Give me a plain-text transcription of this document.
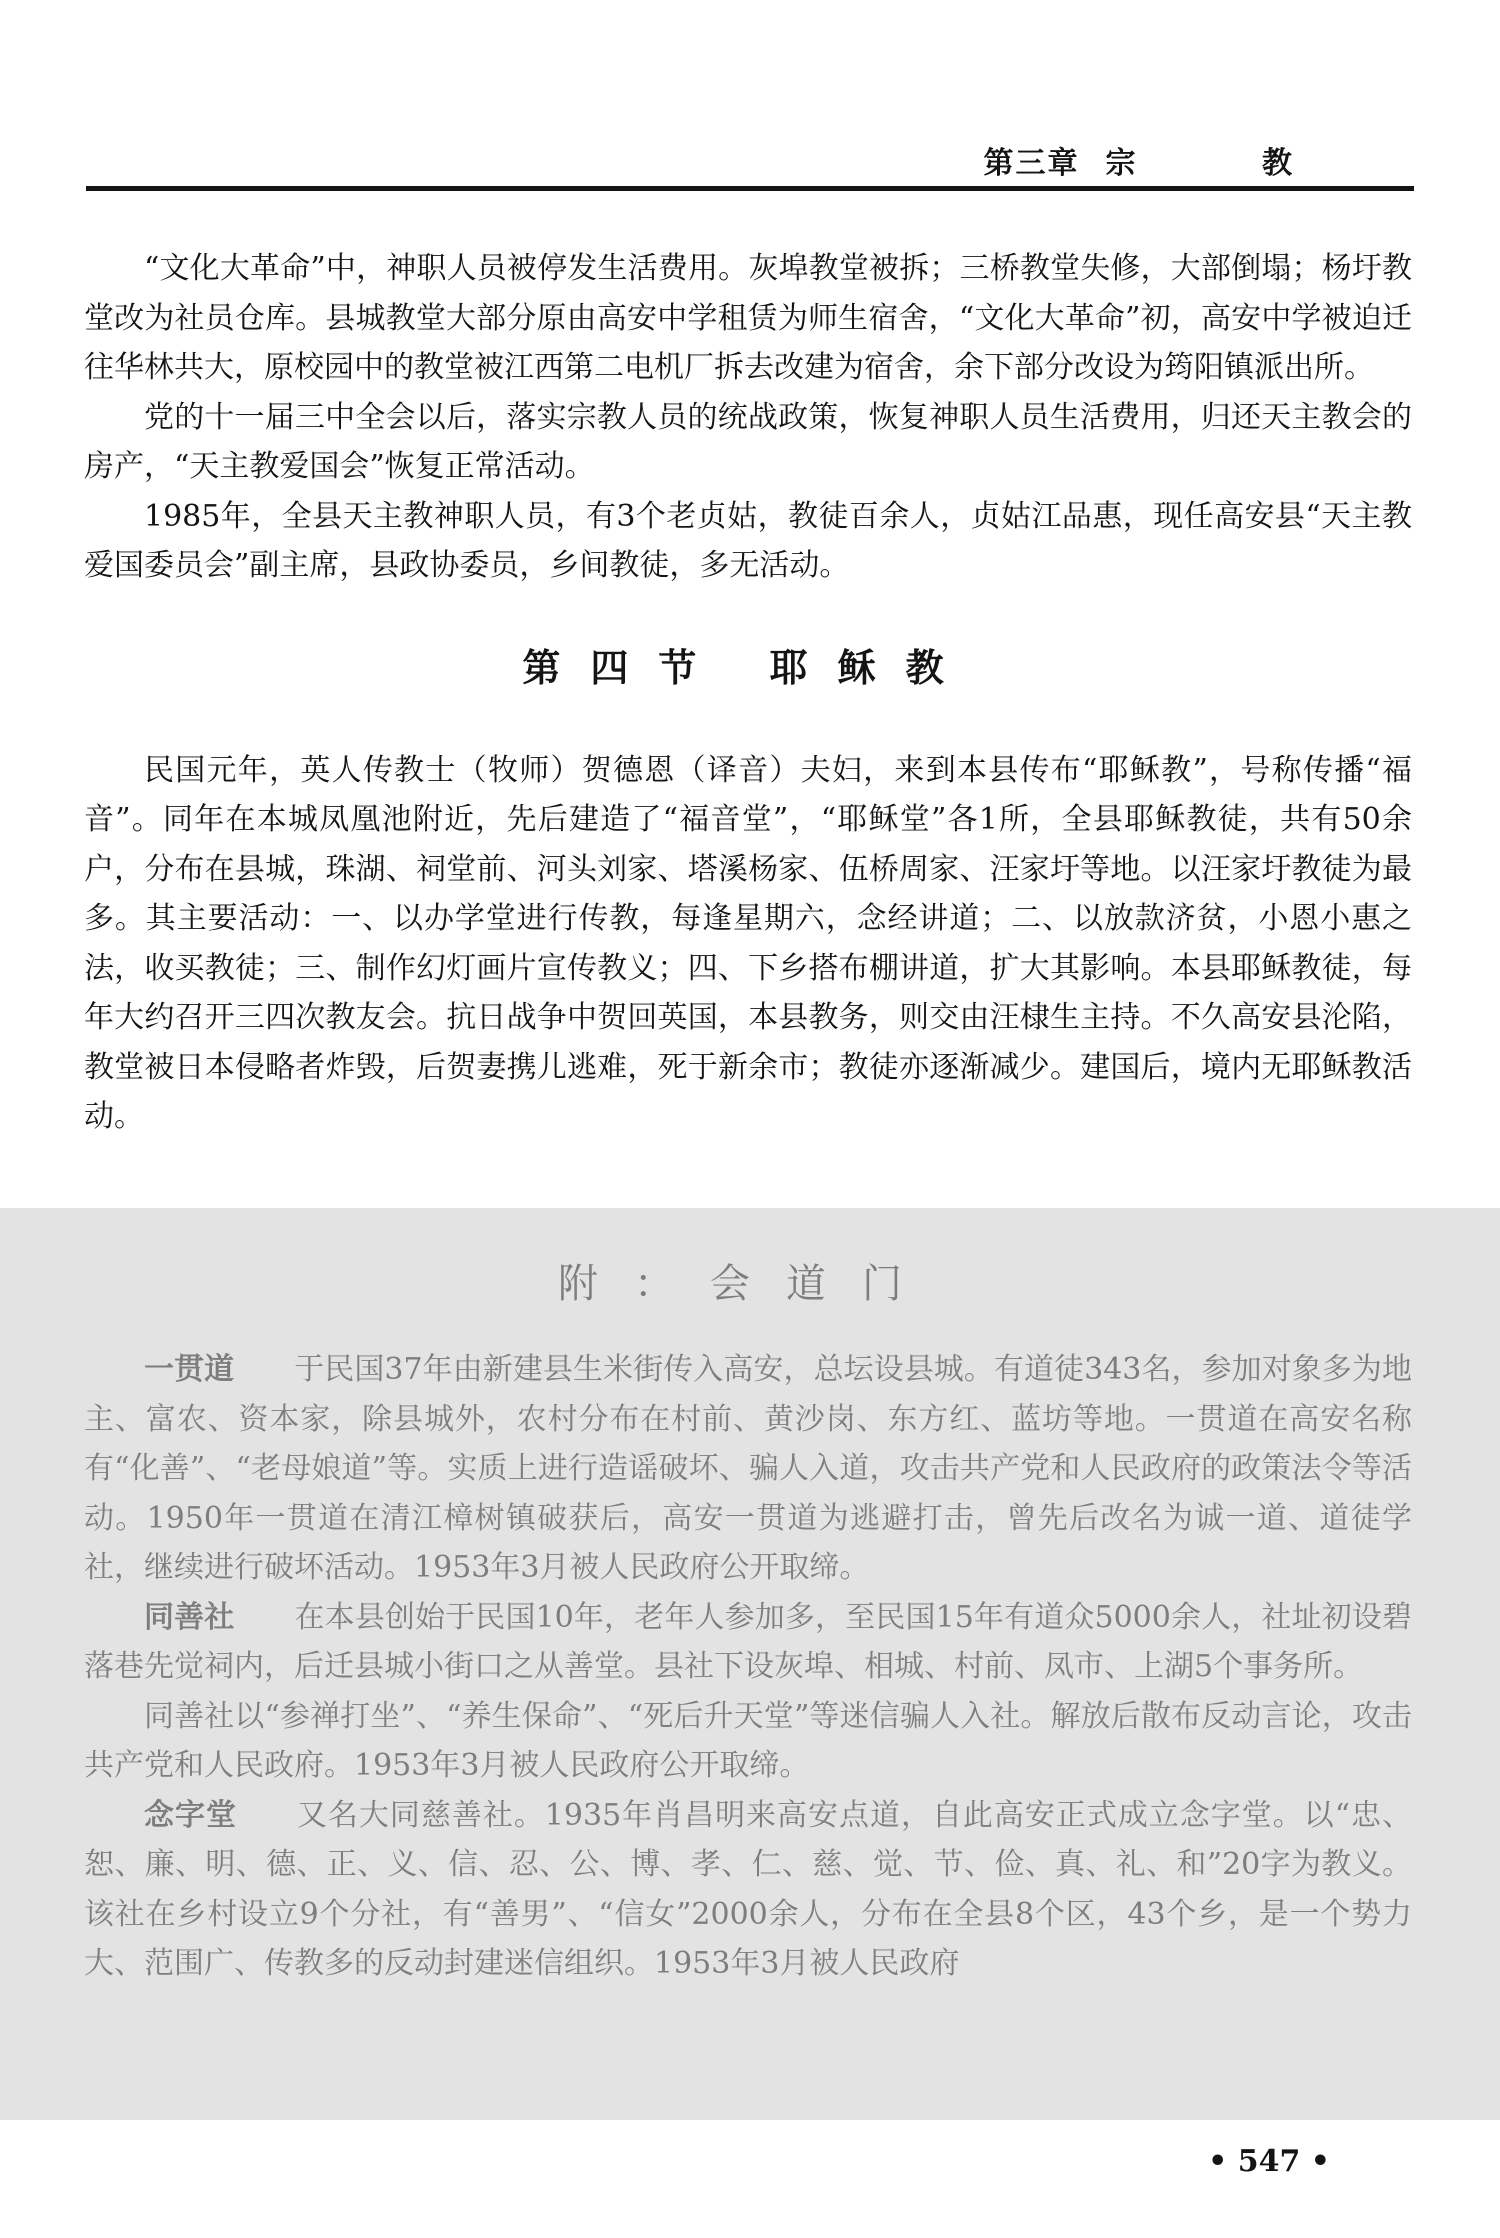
第三章 宗 教

“文化大革命”中，神职人员被停发生活费用。灰埠教堂被拆；三桥教堂失修，大部倒塌；杨圩教堂改为社员仓库。县城教堂大部分原由高安中学租赁为师生宿舍，“文化大革命”初，高安中学被迫迁往华林共大，原校园中的教堂被江西第二电机厂拆去改建为宿舍，余下部分改设为筠阳镇派出所。

党的十一届三中全会以后，落实宗教人员的统战政策，恢复神职人员生活费用，归还天主教会的房产，“天主教爱国会”恢复正常活动。

1985年，全县天主教神职人员，有3个老贞姑，教徒百余人，贞姑江品惠，现任高安县“天主教爱国委员会”副主席，县政协委员，乡间教徒，多无活动。

第四节 耶稣教

民国元年，英人传教士（牧师）贺德恩（译音）夫妇，来到本县传布“耶稣教”，号称传播“福音”。同年在本城凤凰池附近，先后建造了“福音堂”，“耶稣堂”各1所，全县耶稣教徒，共有50余户，分布在县城，珠湖、祠堂前、河头刘家、塔溪杨家、伍桥周家、汪家圩等地。以汪家圩教徒为最多。其主要活动：一、以办学堂进行传教，每逢星期六，念经讲道；二、以放款济贫，小恩小惠之法，收买教徒；三、制作幻灯画片宣传教义；四、下乡搭布棚讲道，扩大其影响。本县耶稣教徒，每年大约召开三四次教友会。抗日战争中贺回英国，本县教务，则交由汪棣生主持。不久高安县沦陷，教堂被日本侵略者炸毁，后贺妻携儿逃难，死于新余市；教徒亦逐渐减少。建国后，境内无耶稣教活动。

附：会道门

一贯道 于民国37年由新建县生米街传入高安，总坛设县城。有道徒343名，参加对象多为地主、富农、资本家，除县城外，农村分布在村前、黄沙岗、东方红、蓝坊等地。一贯道在高安名称有“化善”、“老母娘道”等。实质上进行造谣破坏、骗人入道，攻击共产党和人民政府的政策法令等活动。1950年一贯道在清江樟树镇破获后，高安一贯道为逃避打击，曾先后改名为诚一道、道徒学社，继续进行破坏活动。1953年3月被人民政府公开取缔。

同善社 在本县创始于民国10年，老年人参加多，至民国15年有道众5000余人，社址初设碧落巷先觉祠内，后迁县城小街口之从善堂。县社下设灰埠、相城、村前、凤市、上湖5个事务所。

同善社以“参禅打坐”、“养生保命”、“死后升天堂”等迷信骗人入社。解放后散布反动言论，攻击共产党和人民政府。1953年3月被人民政府公开取缔。

念字堂 又名大同慈善社。1935年肖昌明来高安点道，自此高安正式成立念字堂。以“忠、恕、廉、明、德、正、义、信、忍、公、博、孝、仁、慈、觉、节、俭、真、礼、和”20字为教义。该社在乡村设立9个分社，有“善男”、“信女”2000余人，分布在全县8个区，43个乡，是一个势力大、范围广、传教多的反动封建迷信组织。1953年3月被人民政府

• 547 •
